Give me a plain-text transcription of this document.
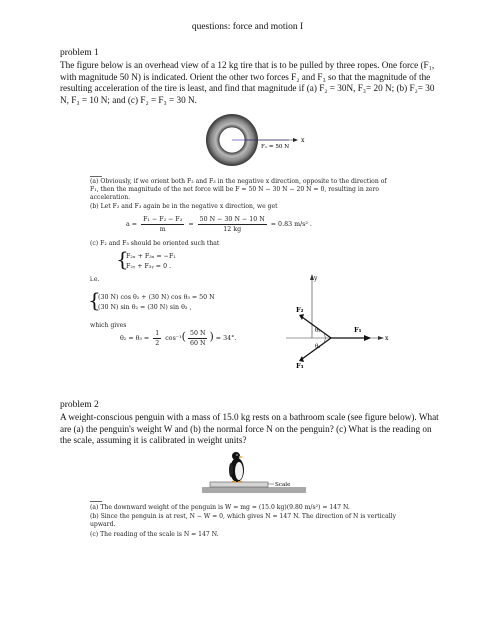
questions: force and motion I
problem 1
The figure below is an overhead view of a 12 kg tire that is to be pulled by three ropes. One force (F₁, with magnitude 50 N) is indicated. Orient the other two forces F₂ and F₃ so that the magnitude of the resulting acceleration of the tire is least, and find that magnitude if (a) F₂ = 30N, F₃= 20 N; (b) F₂= 30 N, F₃ = 10 N; and (c) F₂ = F₃ = 30 N.
x
F₁ = 50 N
(a) Obviously, if we orient both F₂ and F₃ in the negative x direction, opposite to the direction of F₁, then the magnitude of the net force will be F = 50 N − 30 N − 20 N = 0, resulting in zero acceleration.
(b) Let F₂ and F₃ again be in the negative x direction, we get
$a = \frac{\text{F₁ − F₂ − F₃}}{m} = \frac{50 N - 30 N - 10 N}{12 kg} = 0.83$ m/s² .
(c) F₂ and F₃ should be oriented such that
{
F₂ₓ + F₃ₓ = −F₁
F₂ᵧ + F₃ᵧ = 0 .
i.e.
{
(30 N) cos θ₂ + (30 N) cos θ₃ = 50 N
(30 N) sin θ₂ = (30 N) sin θ₃ ,
which gives
$\theta_2 = \theta_3 = \frac{1}{2} \cos^{-1}( \frac{50 N}{60 N}$ ) = 34°.
y
x
F₁
F₂
F₃
θ₂
θ₃
problem 2
A weight-conscious penguin with a mass of 15.0 kg rests on a bathroom scale (see figure below). What are (a) the penguin's weight W and (b) the normal force N on the penguin? (c) What is the reading on the scale, assuming it is calibrated in weight units?
Scale
(a) The downward weight of the penguin is W = mg = (15.0 kg)(9.80 m/s²) = 147 N.
(b) Since the penguin is at rest, N − W = 0, which gives N = 147 N. The direction of N is vertically upward.
(c) The reading of the scale is N = 147 N.
